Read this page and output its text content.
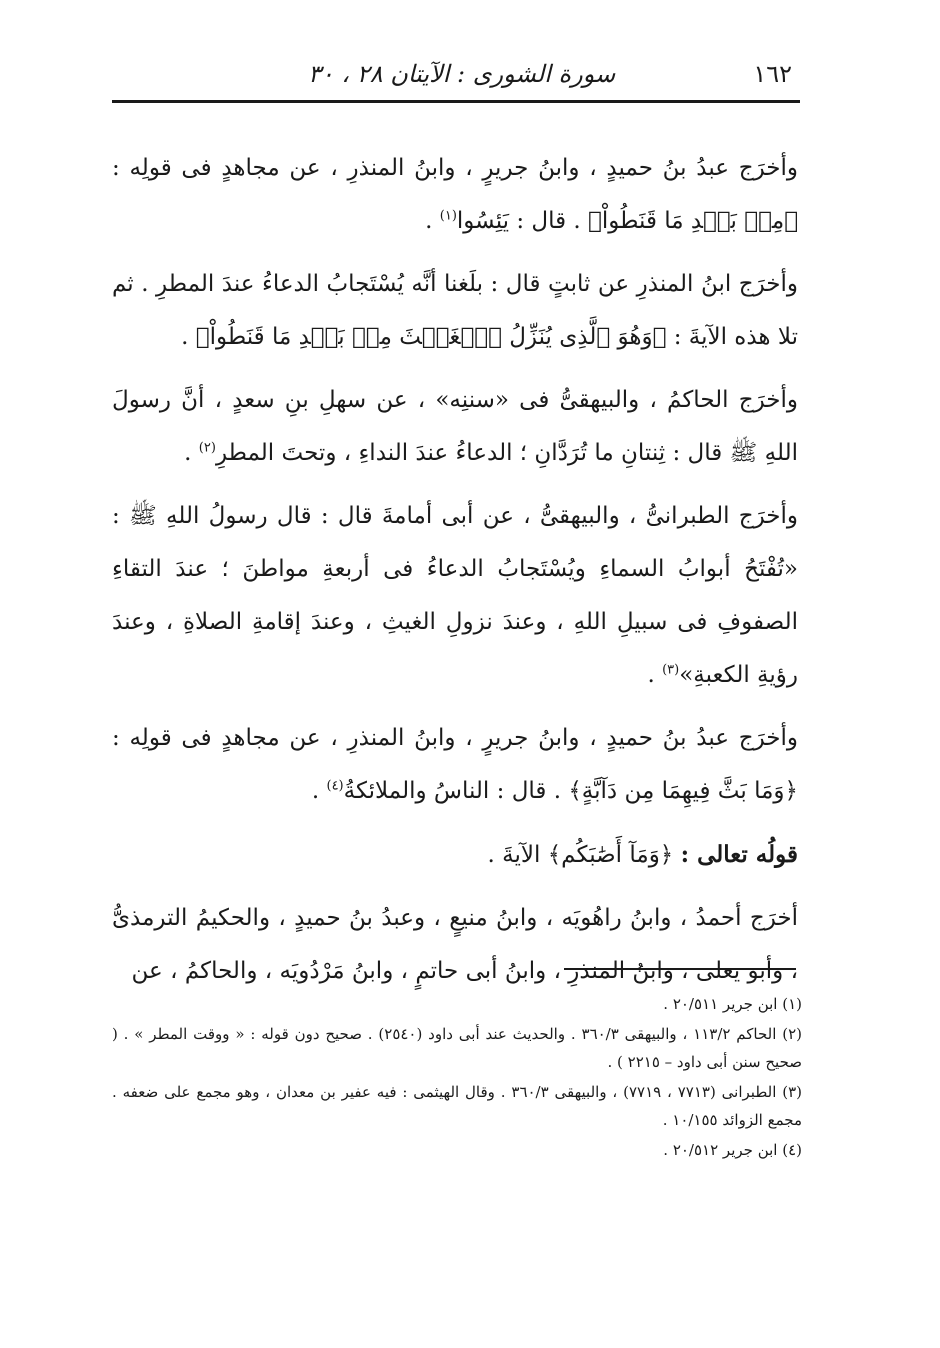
١٦٢
سورة الشورى : الآيتان ٢٨ ، ٣٠

وأخرَج عبدُ بنُ حميدٍ ، وابنُ جريرٍ ، وابنُ المنذرِ ، عن مجاهدٍ فى قولِه : ﴿مِنۢ بَعۡدِ مَا قَنَطُواْ﴾ . قال : يَئِسُوا$^{(١)}$ .

وأخرَج ابنُ المنذرِ عن ثابتٍ قال : بلَغنا أنَّه يُسْتَجابُ الدعاءُ عندَ المطرِ . ثم تلا هذه الآيةَ : ﴿وَهُوَ ٱلَّذِى يُنَزِّلُ ٱلۡغَيۡثَ مِنۢ بَعۡدِ مَا قَنَطُواْ﴾ .

وأخرَج الحاكمُ ، والبيهقىُّ فى «سننِه» ، عن سهلِ بنِ سعدٍ ، أنَّ رسولَ اللهِ ﷺ قال : ثِنتانِ ما تُرَدَّانِ ؛ الدعاءُ عندَ النداءِ ، وتحتَ المطرِ$^{(٢)}$ .

وأخرَج الطبرانىُّ ، والبيهقىُّ ، عن أبى أمامةَ قال : قال رسولُ اللهِ ﷺ : «تُفْتَحُ أبوابُ السماءِ ويُسْتَجابُ الدعاءُ فى أربعةِ مواطنَ ؛ عندَ التقاءِ الصفوفِ فى سبيلِ اللهِ ، وعندَ نزولِ الغيثِ ، وعندَ إقامةِ الصلاةِ ، وعندَ رؤيةِ الكعبةِ»$^{(٣)}$ .

وأخرَج عبدُ بنُ حميدٍ ، وابنُ جريرٍ ، وابنُ المنذرِ ، عن مجاهدٍ فى قولِه : ﴿وَمَا بَثَّ فِيهِمَا مِن دَآبَّةٍ﴾ . قال : الناسُ والملائكةُ$^{(٤)}$ .

قولُه تعالى : ﴿وَمَآ أَصَٰبَكُم﴾ الآيةَ .

أخرَج أحمدُ ، وابنُ راهُويَه ، وابنُ منيعٍ ، وعبدُ بنُ حميدٍ ، والحكيمُ الترمذىُّ ، وأبو يعلى ، وابنُ المنذرِ ، وابنُ أبى حاتمٍ ، وابنُ مَرْدُويَه ، والحاكمُ ، عن

(١) ابن جرير ٢٠/٥١١ .

(٢) الحاكم ١١٣/٢ ، والبيهقى ٣٦٠/٣ . والحديث عند أبى داود (٢٥٤٠) . صحيح دون قوله : « ووقت المطر » . ( صحيح سنن أبى داود – ٢٢١٥ ) .

(٣) الطبرانى (٧٧١٣ ، ٧٧١٩) ، والبيهقى ٣٦٠/٣ . وقال الهيثمى : فيه عفير بن معدان ، وهو مجمع على ضعفه . مجمع الزوائد ١٠/١٥٥ .

(٤) ابن جرير ٢٠/٥١٢ .
